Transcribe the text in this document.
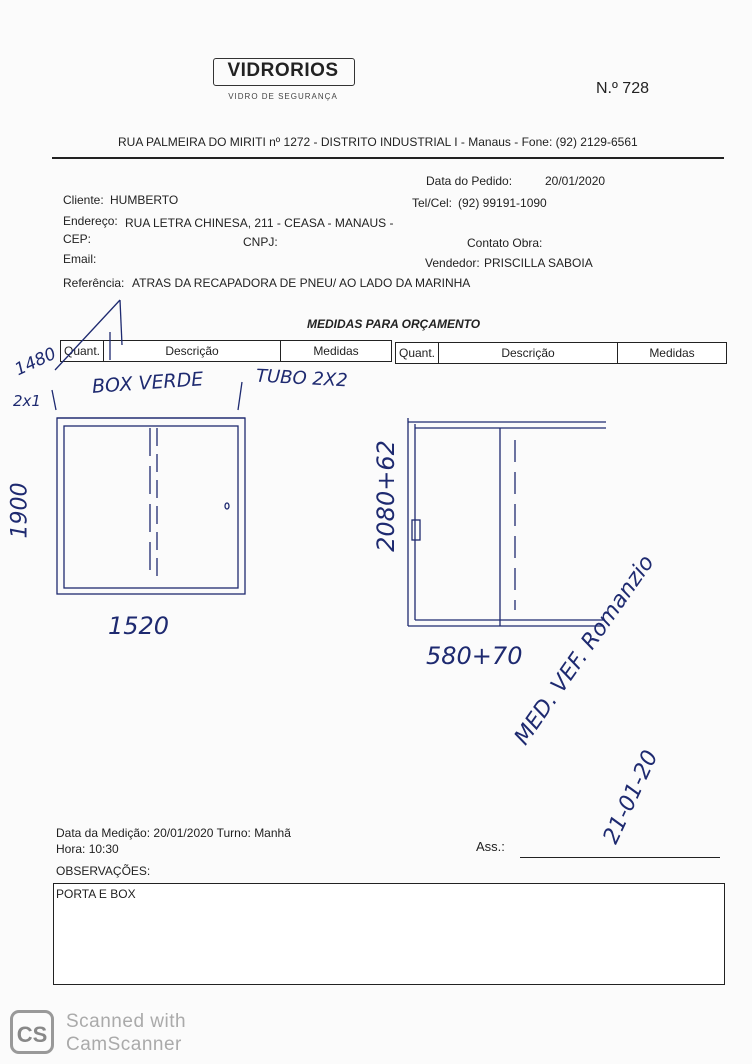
VIDRORIOS
VIDRO DE SEGURANÇA	N.º 728
RUA PALMEIRA DO MIRITI nº 1272 - DISTRITO INDUSTRIAL I - Manaus - Fone: (92) 2129-6561
Data do Pedido:	20/01/2020
Cliente: HUMBERTO	Tel/Cel: (92) 99191-1090
Endereço: RUA LETRA CHINESA, 211 - CEASA - MANAUS -
CEP:	CNPJ:	Contato Obra:
Email:	Vendedor: PRISCILLA SABOIA
Referência: ATRAS DA RECAPADORA DE PNEU/ AO LADO DA MARINHA
MEDIDAS PARA ORÇAMENTO
Quant.	Descrição	Medidas	Quant.	Descrição	Medidas
1480
2x1
BOX VERDE	TUBO 2X2
1900
1520
2080+62
580+70
MED. VEF. Romanzio
21-01-20
Data da Medição: 20/01/2020 Turno: Manhã
Hora: 10:30	Ass.:
OBSERVAÇÕES:
PORTA E BOX
CS
Scanned with
CamScanner
